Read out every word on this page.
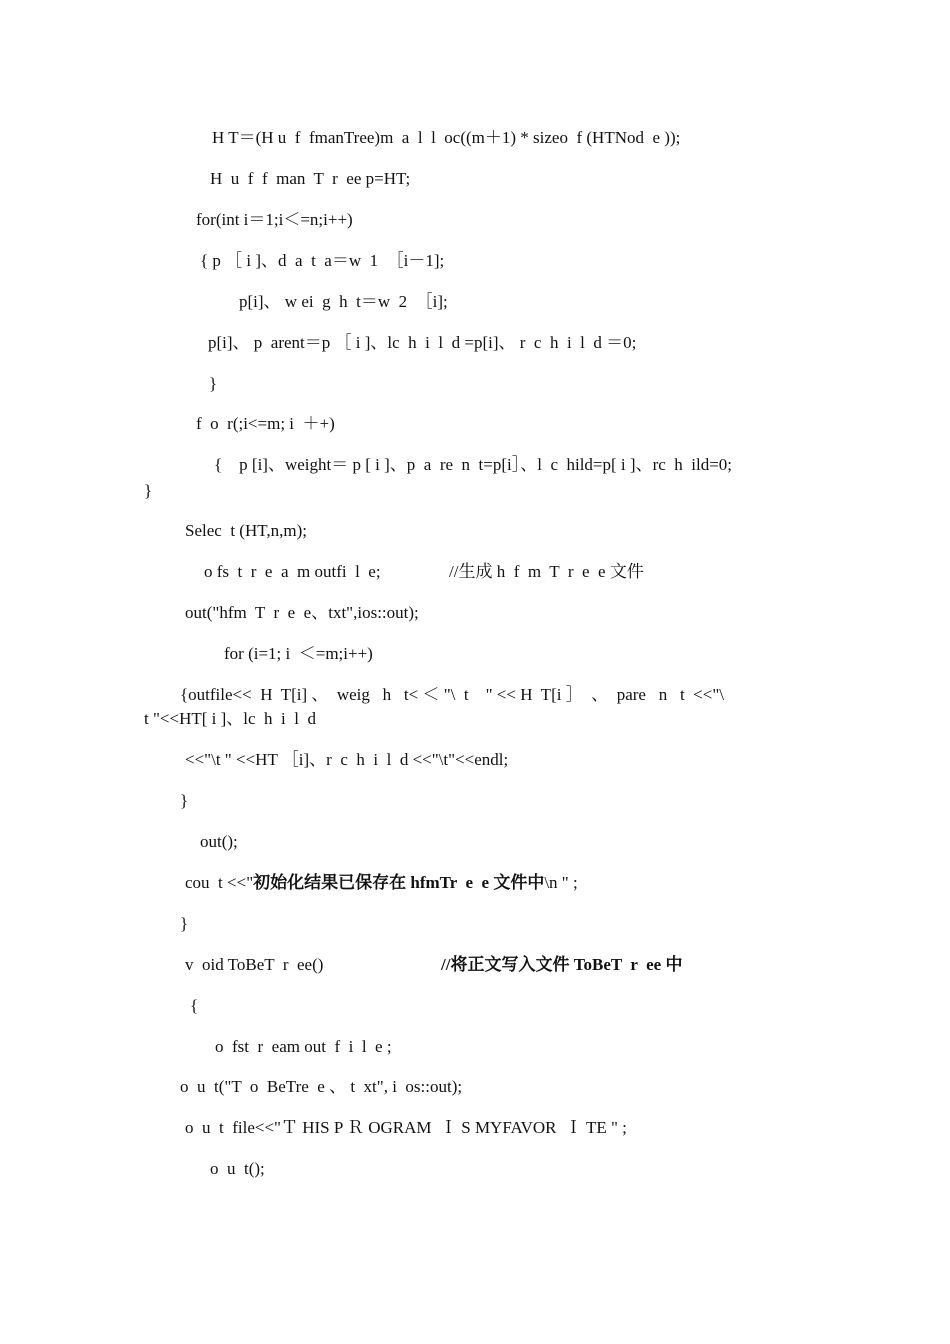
H T＝(H u  f  fmanTree)m  a  l  l  oc((m＋1) * sizeo  f (HTNod  e ));
H  u  f  f  man  T  r  ee p=HT;
for(int i＝1;i＜=n;i++)
{ p ［ i ]、d  a  t  a＝w  1  ［i－1];
p[i]、 w ei  g  h  t＝w  2  ［i];
p[i]、 p  arent＝p ［ i ]、lc  h  i  l  d =p[i]、 r  c  h  i  l  d ＝0;
}
f  o  r(;i<=m; i  ＋+)
{    p [i]、weight＝ p [ i ]、p  a  re  n  t=p[i］、l  c  hild=p[ i ]、rc  h  ild=0;
}
Selec  t (HT,n,m);
o fs  t  r  e  a  m outfi  l  e;	//生成 h  f  m  T  r  e  e 文件
out("hfm  T  r  e  e、txt",ios::out);
for (i=1; i  ＜=m;i++)
{outfile<<  H  T[i] 、  weig   h   t< ＜ "\  t    " << H  T[i ］  、  pare   n   t  <<"\
t "<<HT[ i ]、lc  h  i  l  d
<<"\t " <<HT ［i]、r  c  h  i  l  d <<"\t"<<endl;
}
out();
cou  t <<"初始化结果已保存在 hfmTr  e  e 文件中\n " ;
}
v  oid ToBeT  r  ee()	//将正文写入文件 ToBeT  r  ee 中
{
o  fst  r  eam out  f  i  l  e ;
o  u  t("T  o  BeTre  e 、 t  xt", i  os::out);
o  u  t  file<<"Ｔ HIS P Ｒ OGRAM  Ｉ S MYFAVOR  Ｉ TE " ;
o  u  t();
